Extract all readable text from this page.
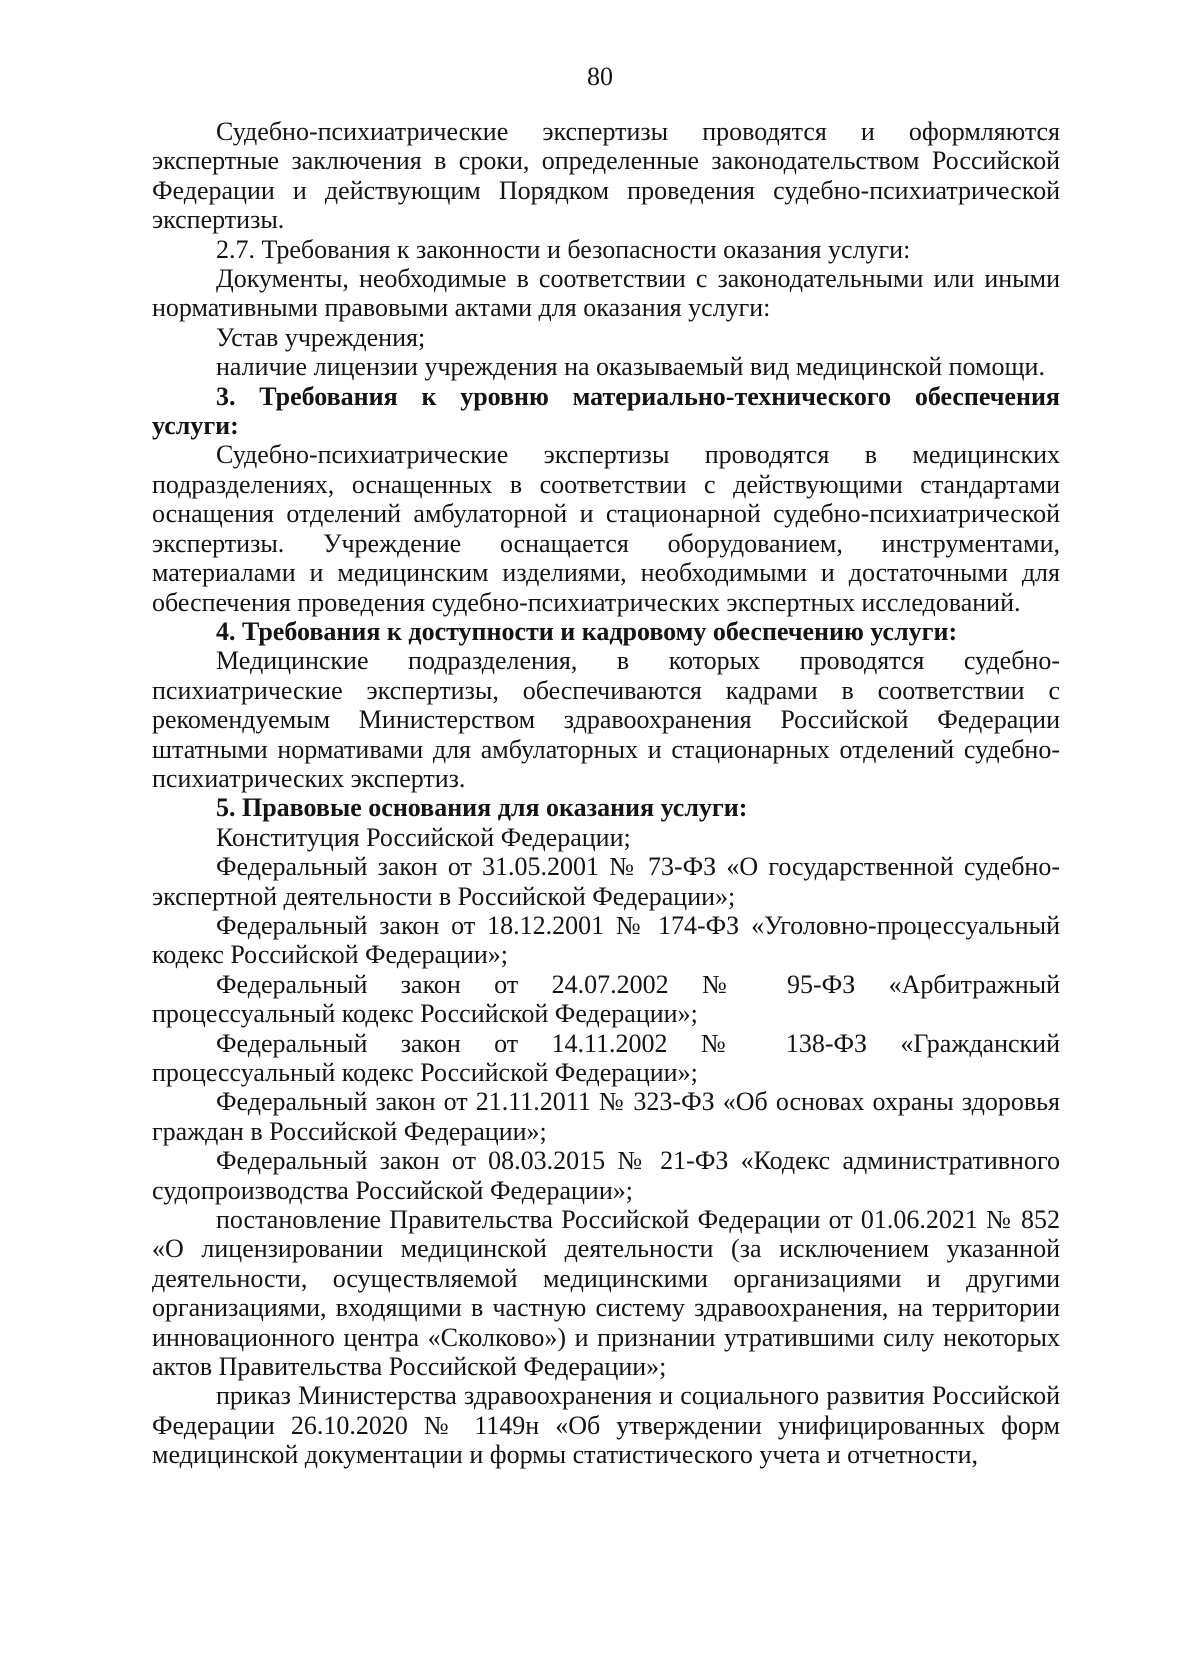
80

Судебно-психиатрические экспертизы проводятся и оформляются экспертные заключения в сроки, определенные законодательством Российской Федерации и действующим Порядком проведения судебно-психиатрической экспертизы.

2.7. Требования к законности и безопасности оказания услуги:

Документы, необходимые в соответствии с законодательными или иными нормативными правовыми актами для оказания услуги:

Устав учреждения;

наличие лицензии учреждения на оказываемый вид медицинской помощи.

3. Требования к уровню материально-технического обеспечения услуги:

Судебно-психиатрические экспертизы проводятся в медицинских подразделениях, оснащенных в соответствии с действующими стандартами оснащения отделений амбулаторной и стационарной судебно-психиатрической экспертизы. Учреждение оснащается оборудованием, инструментами, материалами и медицинским изделиями, необходимыми и достаточными для обеспечения проведения судебно-психиатрических экспертных исследований.

4. Требования к доступности и кадровому обеспечению услуги:

Медицинские подразделения, в которых проводятся судебно-психиатрические экспертизы, обеспечиваются кадрами в соответствии с рекомендуемым Министерством здравоохранения Российской Федерации штатными нормативами для амбулаторных и стационарных отделений судебно-психиатрических экспертиз.

5. Правовые основания для оказания услуги:

Конституция Российской Федерации;

Федеральный закон от 31.05.2001 № 73-ФЗ «О государственной судебно-экспертной деятельности в Российской Федерации»;

Федеральный закон от 18.12.2001 № 174-ФЗ «Уголовно-процессуальный кодекс Российской Федерации»;

Федеральный закон от 24.07.2002 № 95-ФЗ «Арбитражный процессуальный кодекс Российской Федерации»;

Федеральный закон от 14.11.2002 № 138-ФЗ «Гражданский процессуальный кодекс Российской Федерации»;

Федеральный закон от 21.11.2011 № 323-ФЗ «Об основах охраны здоровья граждан в Российской Федерации»;

Федеральный закон от 08.03.2015 № 21-ФЗ «Кодекс административного судопроизводства Российской Федерации»;

постановление Правительства Российской Федерации от 01.06.2021 № 852 «О лицензировании медицинской деятельности (за исключением указанной деятельности, осуществляемой медицинскими организациями и другими организациями, входящими в частную систему здравоохранения, на территории инновационного центра «Сколково») и признании утратившими силу некоторых актов Правительства Российской Федерации»;

приказ Министерства здравоохранения и социального развития Российской Федерации 26.10.2020 № 1149н «Об утверждении унифицированных форм медицинской документации и формы статистического учета и отчетности,
